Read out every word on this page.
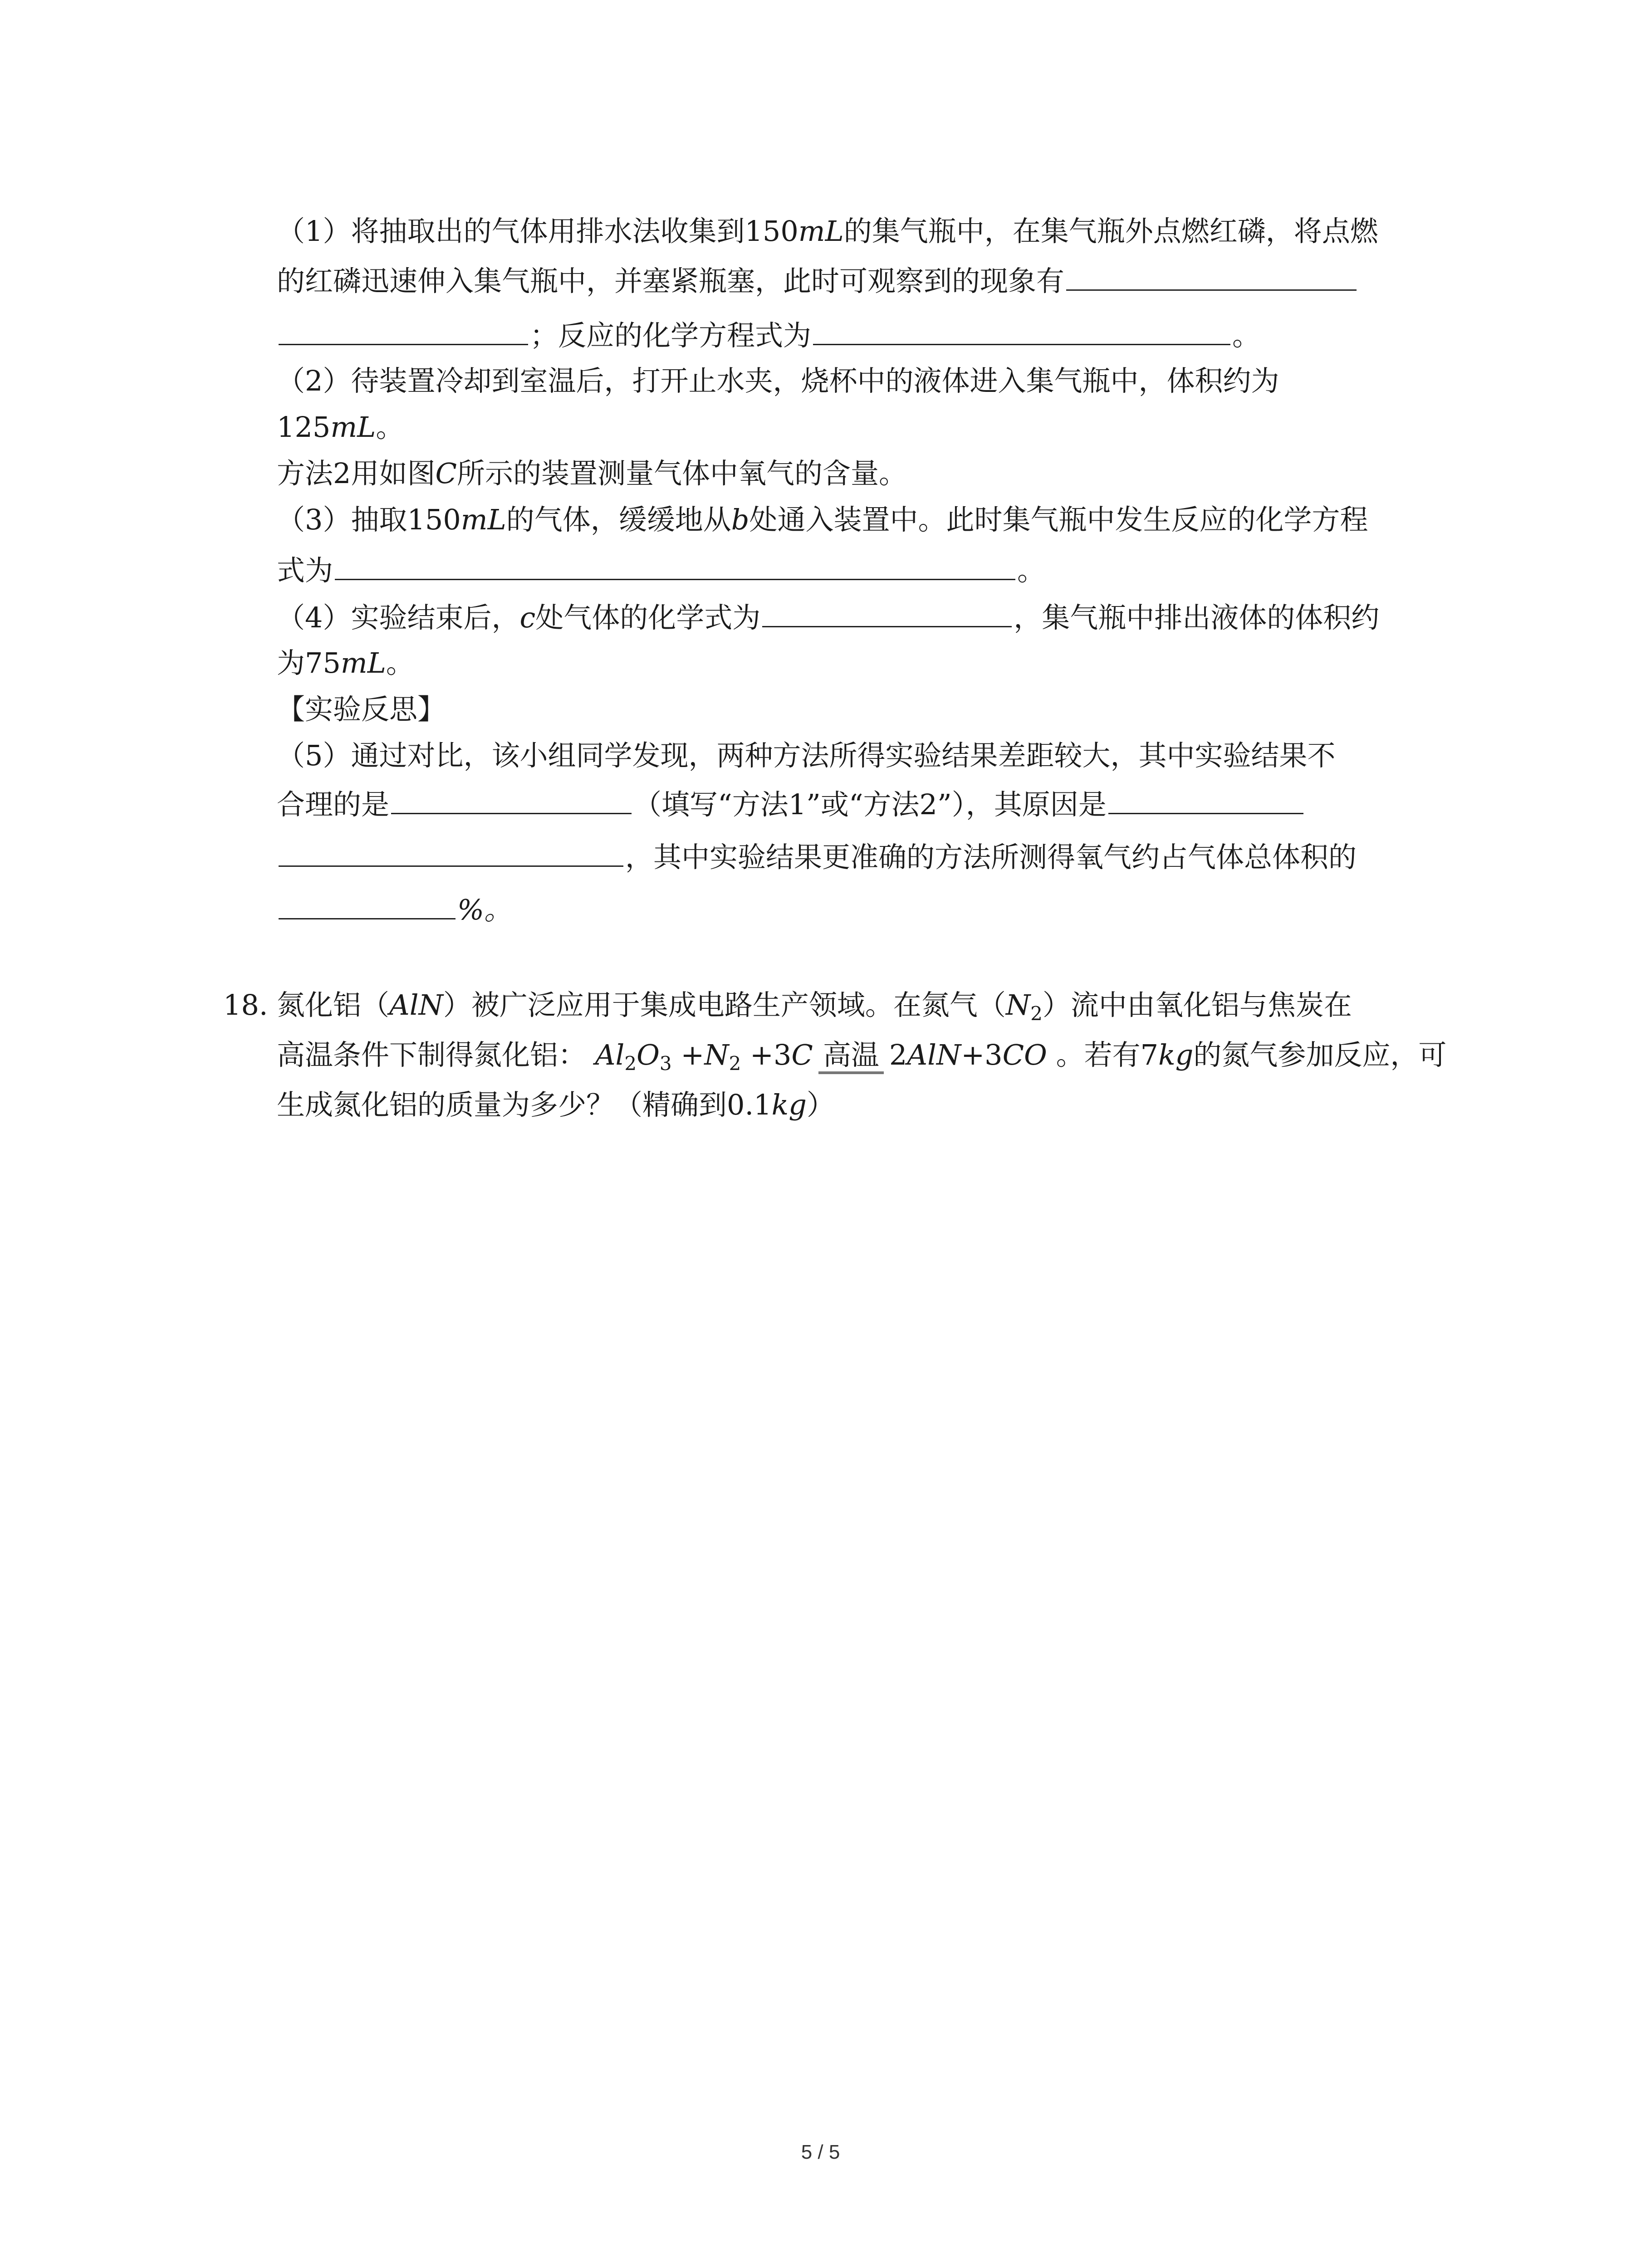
（1）将抽取出的气体用排水法收集到150mL的集气瓶中，在集气瓶外点燃红磷，将点燃
的红磷迅速伸入集气瓶中，并塞紧瓶塞，此时可观察到的现象有
；反应的化学方程式为	。
（2）待装置冷却到室温后，打开止水夹，烧杯中的液体进入集气瓶中，体积约为
125mL。
方法2用如图C所示的装置测量气体中氧气的含量。
（3）抽取150mL的气体，缓缓地从b处通入装置中。此时集气瓶中发生反应的化学方程
式为	。
（4）实验结束后，c处气体的化学式为	，集气瓶中排出液体的体积约
为75mL。
【实验反思】
（5）通过对比，该小组同学发现，两种方法所得实验结果差距较大，其中实验结果不
合理的是	（填写“方法1”或“方法2”），其原因是
，其中实验结果更准确的方法所测得氧气约占气体总体积的
%。
18. 氮化铝（AlN）被广泛应用于集成电路生产领域。在氮气$(N_2)$流中由氧化铝与焦炭在
高温条件下制得氮化铝： $Al_2O_3 +N_2 +3C$ 高温 2AlN+3CO 。若有7kg的氮气参加反应，可
生成氮化铝的质量为多少？（精确到0.1kg）
5 / 5
